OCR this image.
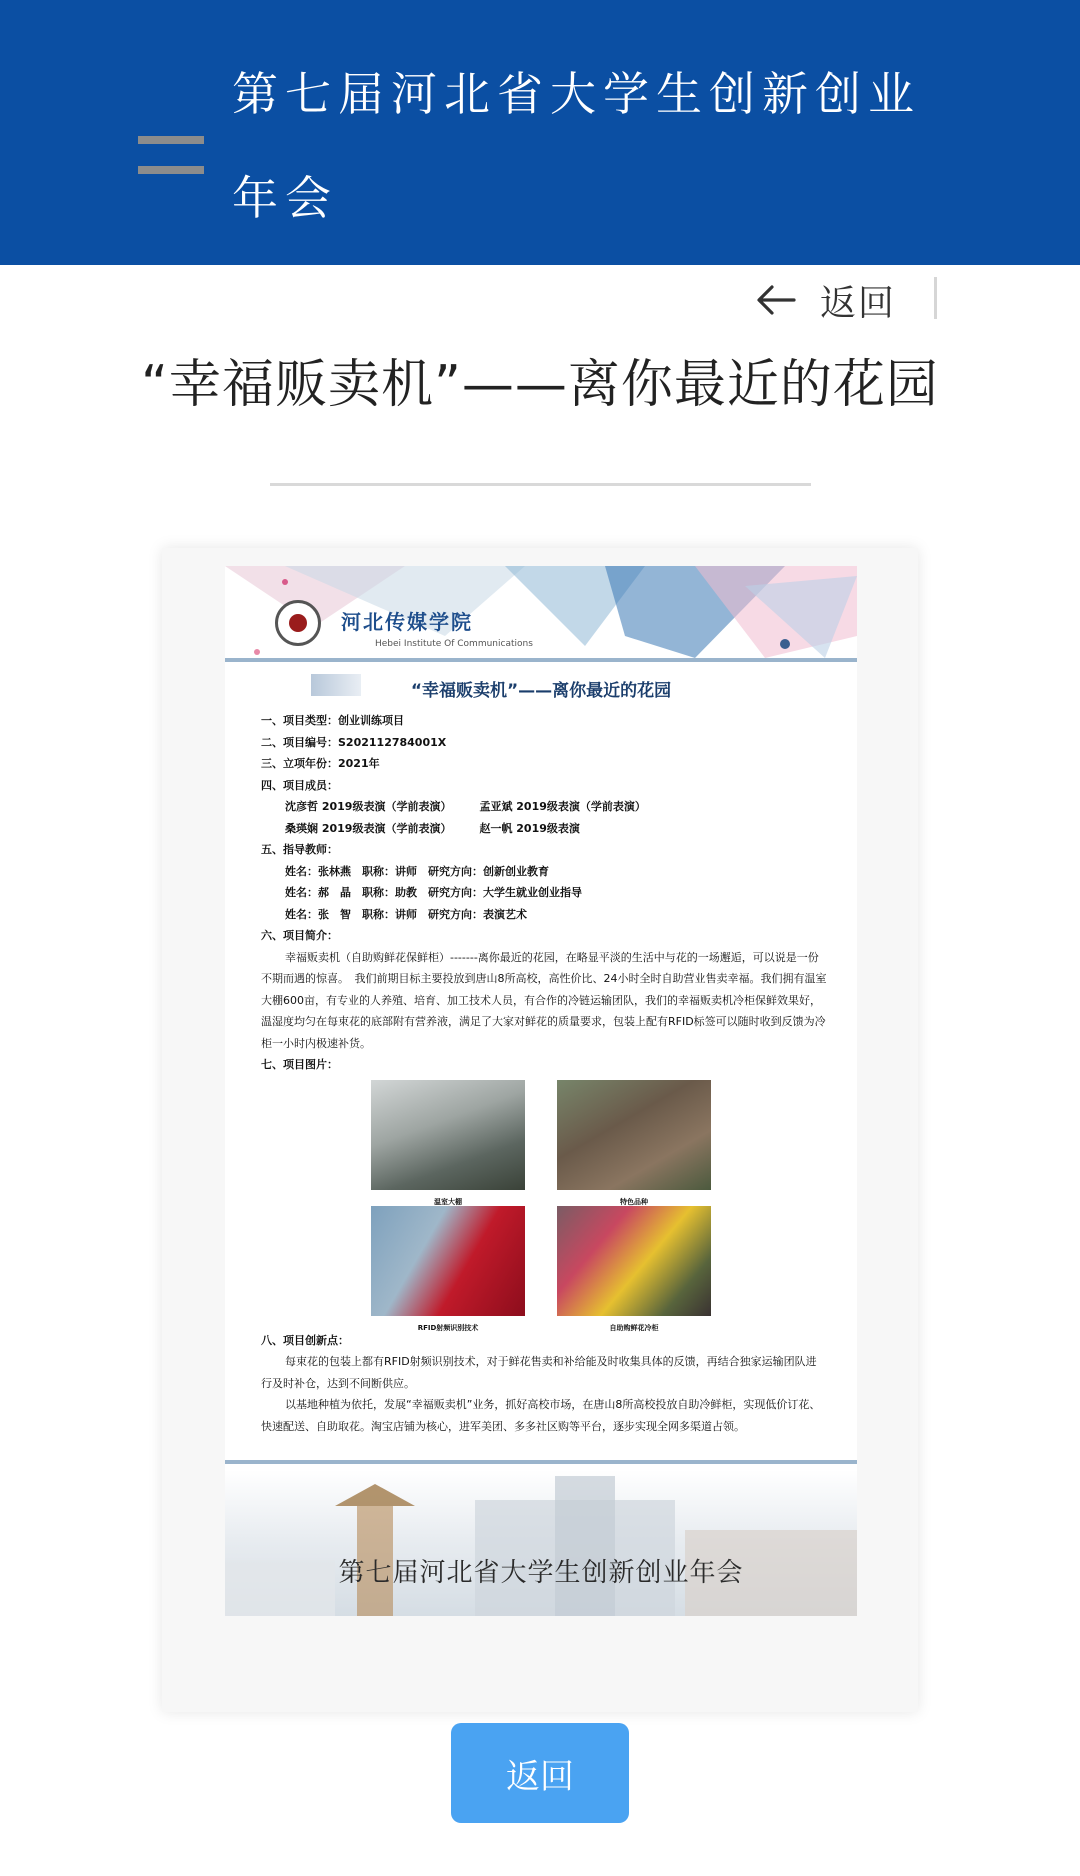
第七届河北省大学生创新创业年会
返回
“幸福贩卖机”——离你最近的花园
河北传媒学院
Hebei Institute Of Communications
“幸福贩卖机”——离你最近的花园
一、项目类型：创业训练项目
二、项目编号：S202112784001X
三、立项年份：2021年
四、项目成员：
沈彦哲 2019级表演（学前表演）	孟亚斌 2019级表演（学前表演）
桑瑛娴 2019级表演（学前表演）	赵一帆 2019级表演
五、指导教师：
姓名：张林燕　职称：讲师　研究方向：创新创业教育
姓名：郝　晶　职称：助教　研究方向：大学生就业创业指导
姓名：张　智　职称：讲师　研究方向：表演艺术
六、项目简介：
幸福贩卖机（自助购鲜花保鲜柜）-------离你最近的花园，在略显平淡的生活中与花的一场邂逅，可以说是一份不期而遇的惊喜。　我们前期目标主要投放到唐山8所高校，高性价比、24小时全时自助营业售卖幸福。我们拥有温室大棚600亩，有专业的人养殖、培育、加工技术人员，有合作的冷链运输团队，我们的幸福贩卖机冷柜保鲜效果好，温湿度均匀在每束花的底部附有营养液，满足了大家对鲜花的质量要求，包装上配有RFID标签可以随时收到反馈为冷柜一小时内极速补货。
七、项目图片：
温室大棚	特色品种
RFID射频识别技术	自助购鲜花冷柜
八、项目创新点：
每束花的包装上都有RFID射频识别技术，对于鲜花售卖和补给能及时收集具体的反馈，再结合独家运输团队进行及时补仓，达到不间断供应。
以基地种植为依托，发展“幸福贩卖机”业务，抓好高校市场，在唐山8所高校投放自助冷鲜柜，实现低价订花、快速配送、自助取花。淘宝店铺为核心，进军美团、多多社区购等平台，逐步实现全网多渠道占领。
第七届河北省大学生创新创业年会
返回
